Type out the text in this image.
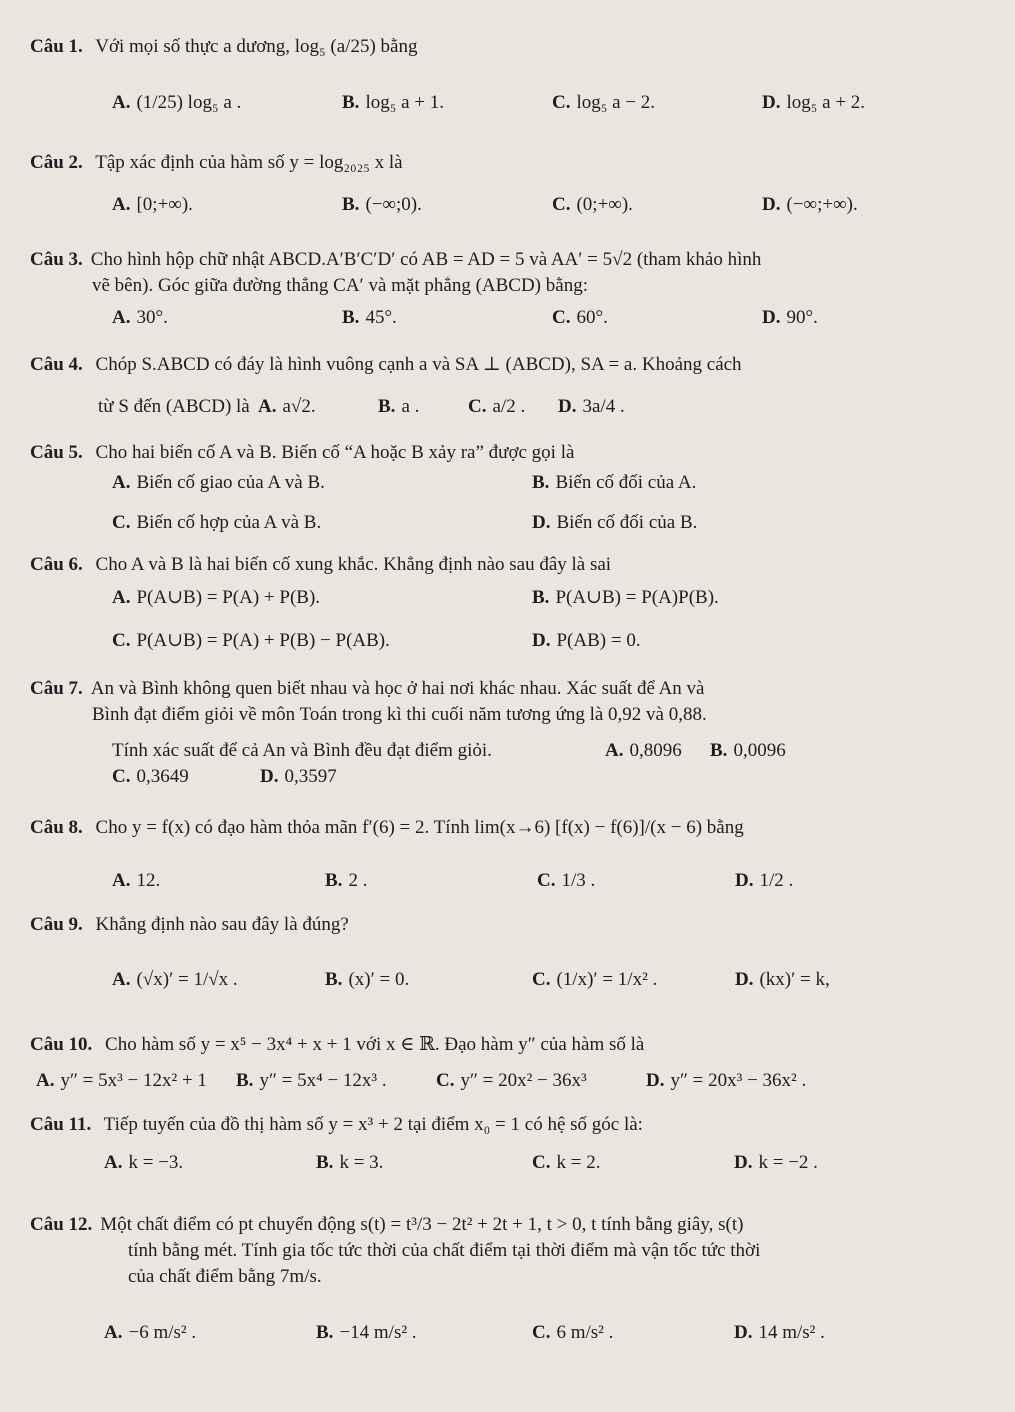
Câu 1. Với mọi số thực a dương, log₅ (a/25) bằng
A. (1/25) log₅ a .	B. log₅ a + 1.	C. log₅ a − 2.	D. log₅ a + 2.
Câu 2. Tập xác định của hàm số y = log₂₀₂₅ x là
A. [0;+∞).	B. (−∞;0).	C. (0;+∞).	D. (−∞;+∞).
Câu 3. Cho hình hộp chữ nhật ABCD.A′B′C′D′ có AB = AD = 5 và AA′ = 5√2 (tham khảo hình
vẽ bên). Góc giữa đường thẳng CA′ và mặt phẳng (ABCD) bằng:
A. 30°.	B. 45°.	C. 60°.	D. 90°.
Câu 4. Chóp S.ABCD có đáy là hình vuông cạnh a và SA ⊥ (ABCD), SA = a. Khoảng cách
từ S đến (ABCD) là A. a√2.	B. a .	C. a/2 . D. 3a/4 .
Câu 5. Cho hai biến cố A và B. Biến cố “A hoặc B xảy ra” được gọi là
A. Biến cố giao của A và B.	B. Biến cố đối của A.
C. Biến cố hợp của A và B.	D. Biến cố đối của B.
Câu 6. Cho A và B là hai biến cố xung khắc. Khẳng định nào sau đây là sai
A. P(A∪B) = P(A) + P(B).	B. P(A∪B) = P(A)P(B).
C. P(A∪B) = P(A) + P(B) − P(AB).	D. P(AB) = 0.
Câu 7. An và Bình không quen biết nhau và học ở hai nơi khác nhau. Xác suất để An và
Bình đạt điểm giỏi về môn Toán trong kì thi cuối năm tương ứng là 0,92 và 0,88.
Tính xác suất để cả An và Bình đều đạt điểm giỏi.	A. 0,8096 B. 0,0096
C. 0,3649	D. 0,3597
Câu 8. Cho y = f(x) có đạo hàm thỏa mãn f′(6) = 2. Tính lim(x→6) [f(x) − f(6)]/(x − 6) bằng
A. 12.	B. 2 .	C. 1/3 .	D. 1/2 .
Câu 9. Khẳng định nào sau đây là đúng?
A. (√x)′ = 1/√x .	B. (x)′ = 0.	C. (1/x)′ = 1/x² .	D. (kx)′ = k,
Câu 10. Cho hàm số y = x⁵ − 3x⁴ + x + 1 với x ∈ ℝ. Đạo hàm y″ của hàm số là
A. y″ = 5x³ − 12x² + 1 B. y″ = 5x⁴ − 12x³ .	C. y″ = 20x² − 36x³	D. y″ = 20x³ − 36x² .
Câu 11. Tiếp tuyến của đồ thị hàm số y = x³ + 2 tại điểm x₀ = 1 có hệ số góc là:
A. k = −3.	B. k = 3.	C. k = 2.	D. k = −2 .
Câu 12. Một chất điểm có pt chuyển động s(t) = t³/3 − 2t² + 2t + 1, t > 0, t tính bằng giây, s(t)
tính bằng mét. Tính gia tốc tức thời của chất điểm tại thời điểm mà vận tốc tức thời
của chất điểm bằng 7m/s.
A. −6 m/s² .	B. −14 m/s² .	C. 6 m/s² .	D. 14 m/s² .
